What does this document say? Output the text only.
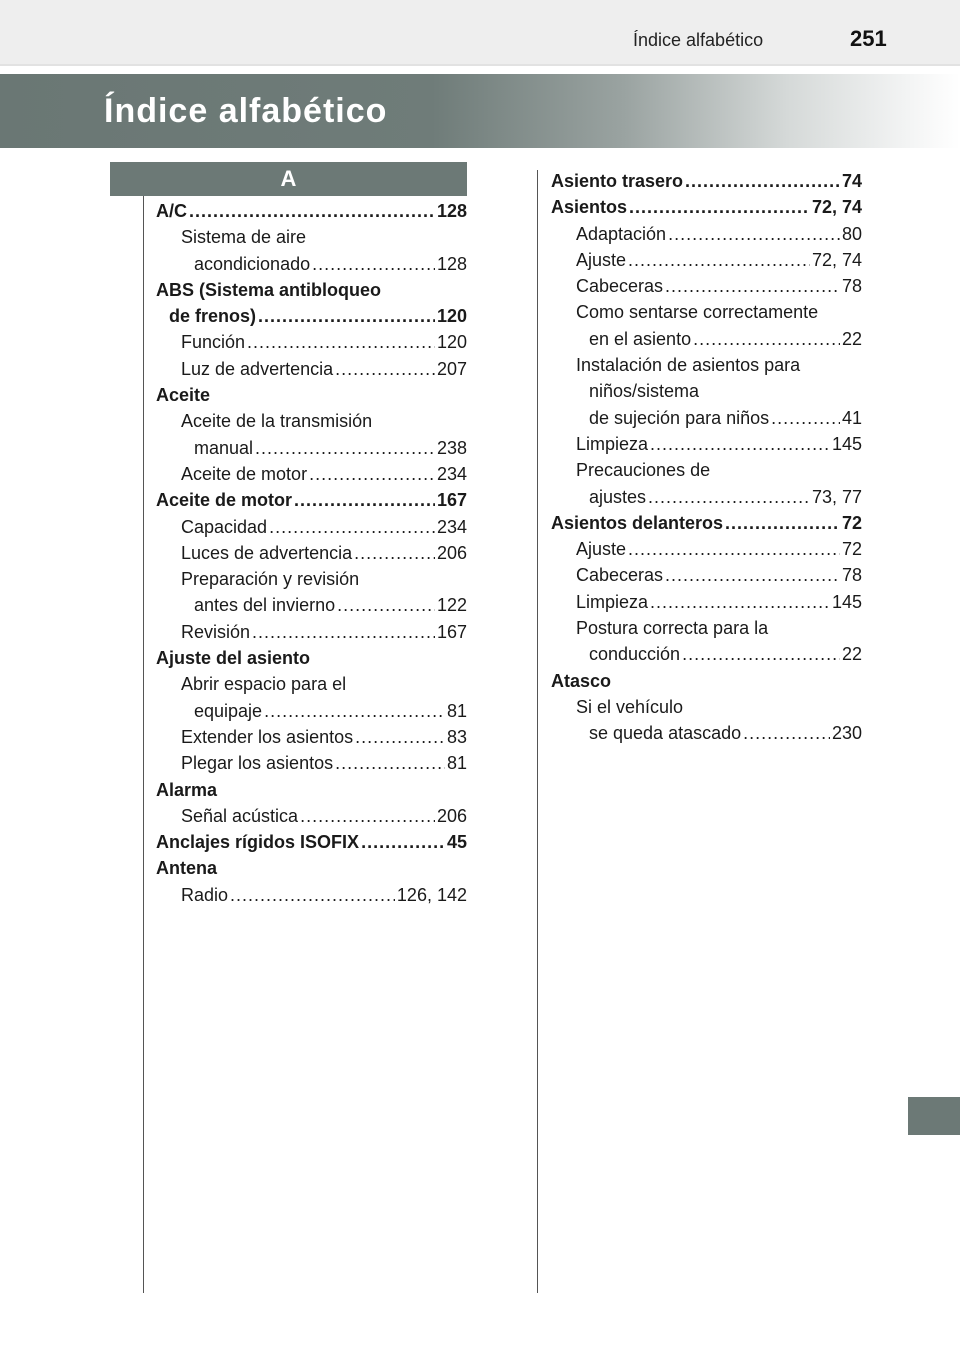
Índice alfabético	251
Índice alfabético
A
A/C .....	128
Sistema de aire
acondicionado .....	128
ABS (Sistema antibloqueo
de frenos) .....	120
Función .....	120
Luz de advertencia .....	207
Aceite
Aceite de la transmisión
manual .....	238
Aceite de motor .....	234
Aceite de motor .....	167
Capacidad .....	234
Luces de advertencia .....	206
Preparación y revisión
antes del invierno .....	122
Revisión .....	167
Ajuste del asiento
Abrir espacio para el
equipaje .....	81
Extender los asientos .....	83
Plegar los asientos .....	81
Alarma
Señal acústica .....	206
Anclajes rígidos ISOFIX .....	45
Antena
Radio .....	126, 142
Asiento trasero .....	74
Asientos .....	72, 74
Adaptación .....	80
Ajuste .....	72, 74
Cabeceras .....	78
Como sentarse correctamente
en el asiento .....	22
Instalación de asientos para
niños/sistema
de sujeción para niños .....	41
Limpieza .....	145
Precauciones de
ajustes .....	73, 77
Asientos delanteros .....	72
Ajuste .....	72
Cabeceras .....	78
Limpieza .....	145
Postura correcta para la
conducción .....	22
Atasco
Si el vehículo
se queda atascado .....	230
